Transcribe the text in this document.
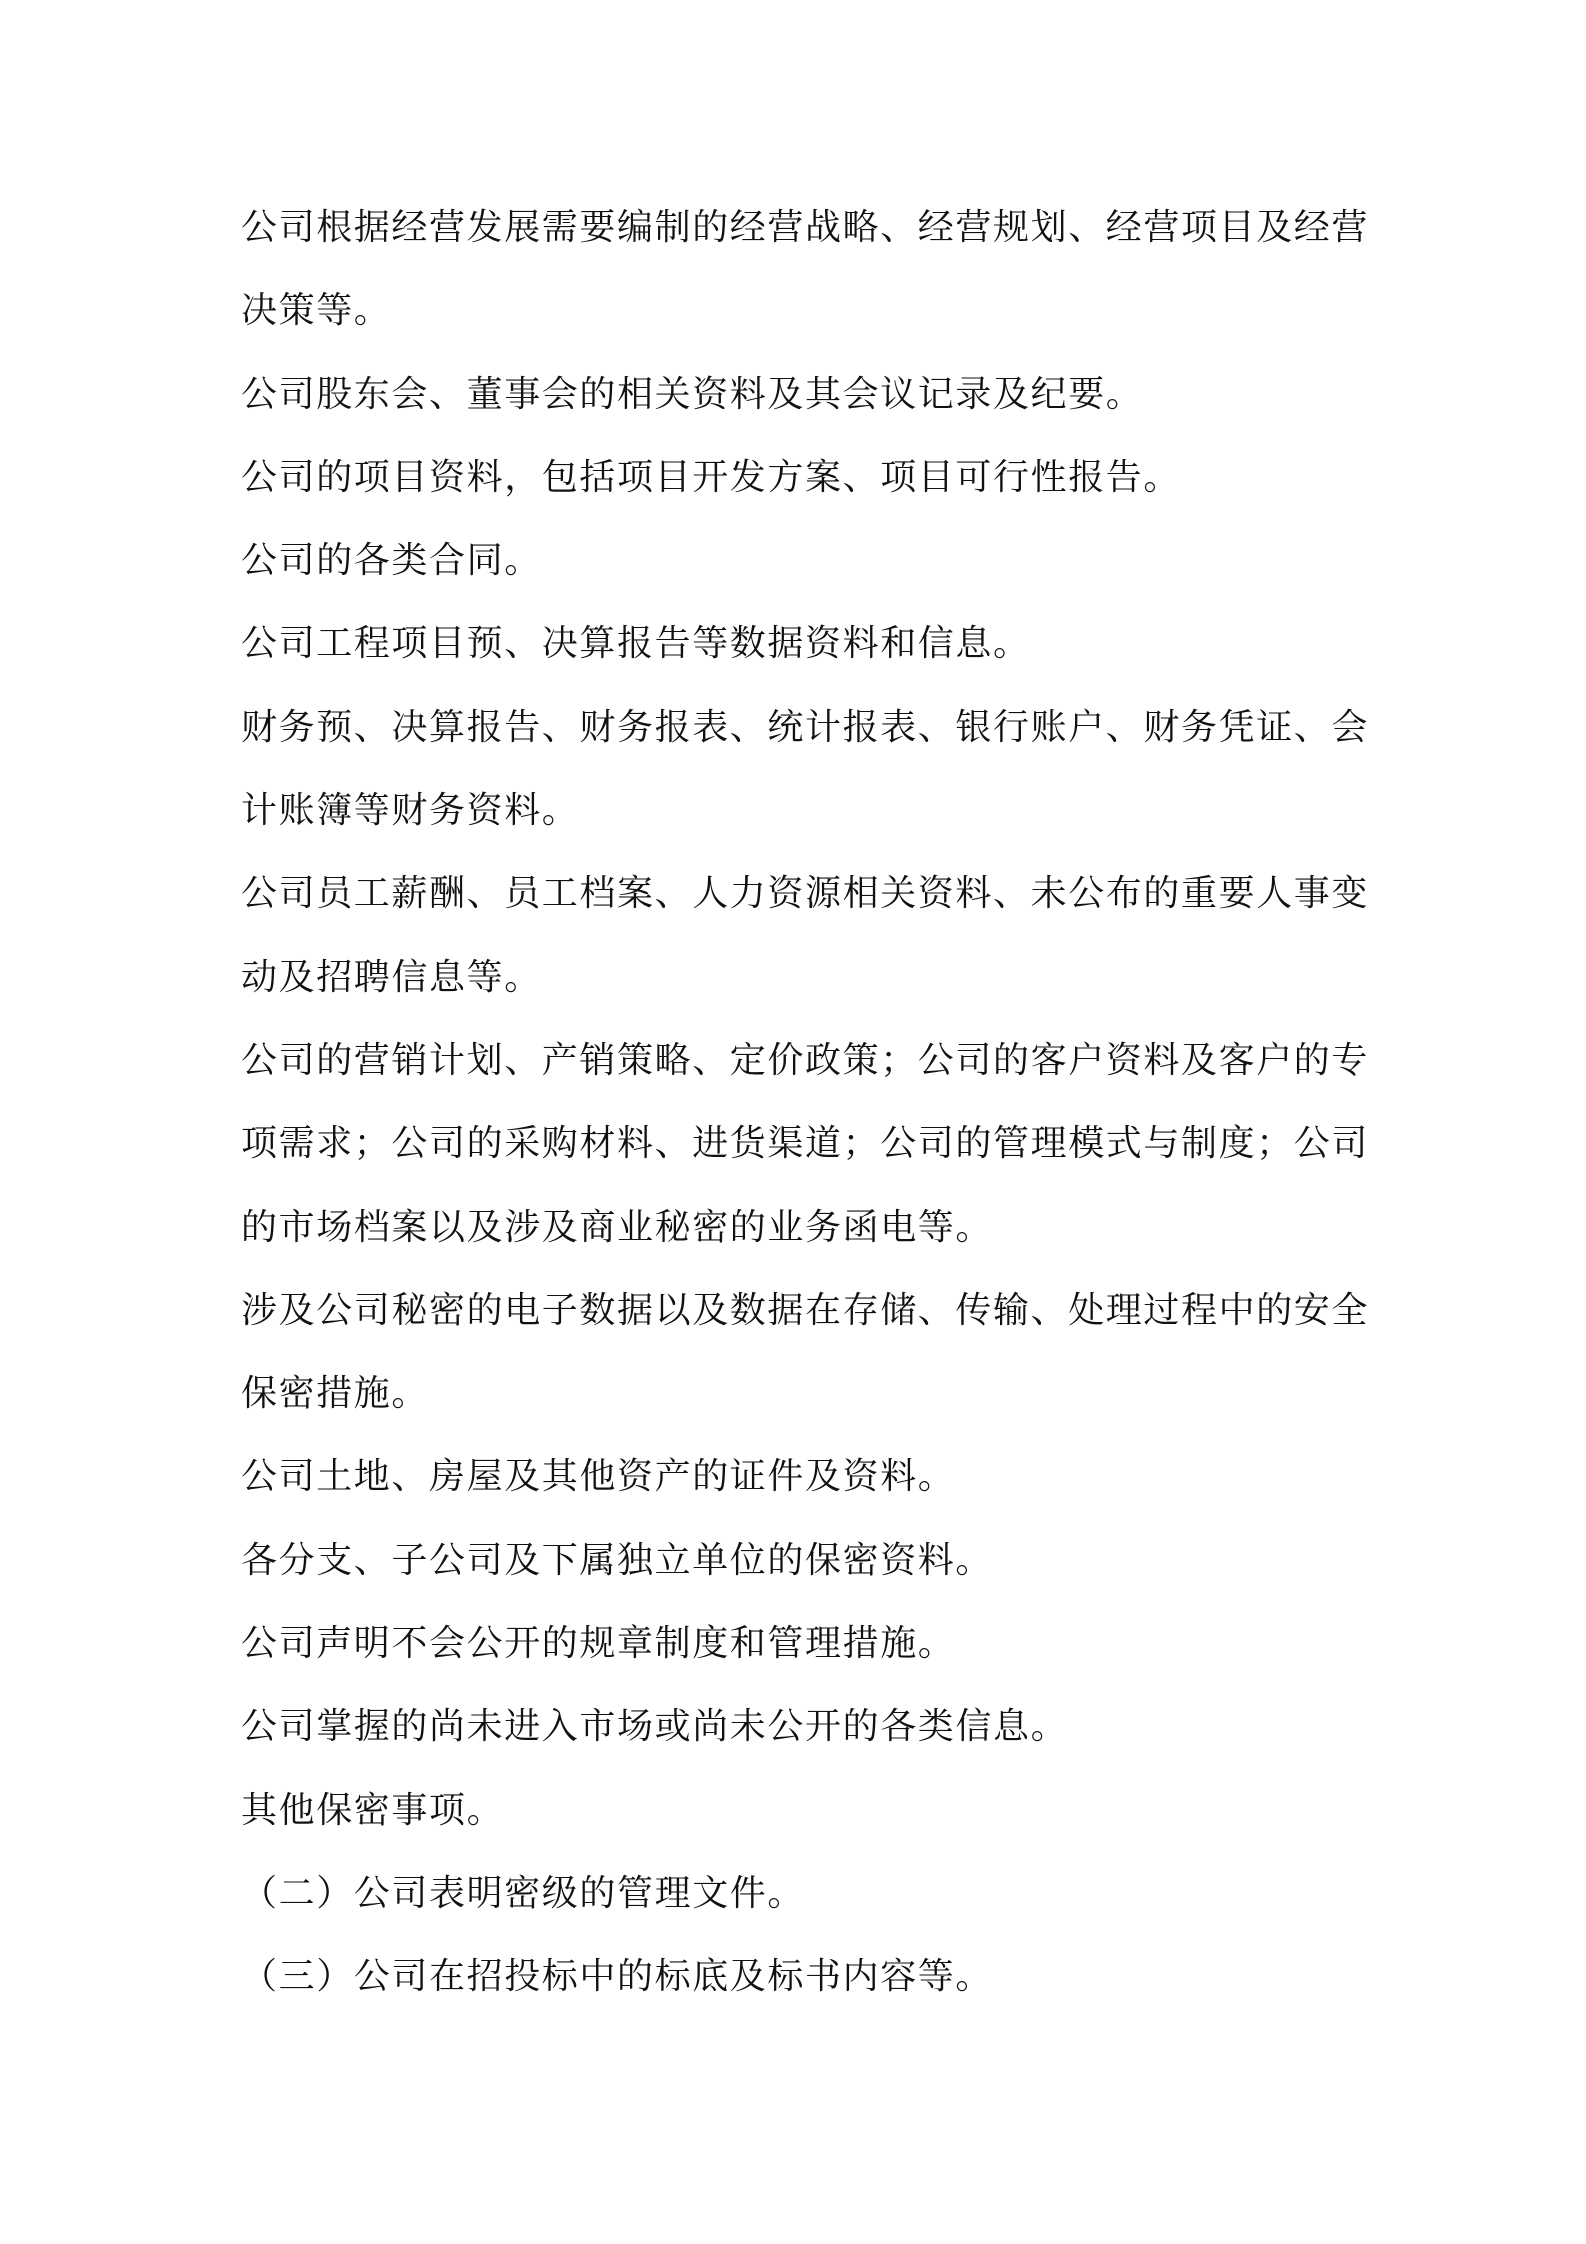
公司根据经营发展需要编制的经营战略、经营规划、经营项目及经营
决策等。
公司股东会、董事会的相关资料及其会议记录及纪要。
公司的项目资料，包括项目开发方案、项目可行性报告。
公司的各类合同。
公司工程项目预、决算报告等数据资料和信息。
财务预、决算报告、财务报表、统计报表、银行账户、财务凭证、会
计账簿等财务资料。
公司员工薪酬、员工档案、人力资源相关资料、未公布的重要人事变
动及招聘信息等。
公司的营销计划、产销策略、定价政策；公司的客户资料及客户的专
项需求；公司的采购材料、进货渠道；公司的管理模式与制度；公司
的市场档案以及涉及商业秘密的业务函电等。
涉及公司秘密的电子数据以及数据在存储、传输、处理过程中的安全
保密措施。
公司土地、房屋及其他资产的证件及资料。
各分支、子公司及下属独立单位的保密资料。
公司声明不会公开的规章制度和管理措施。
公司掌握的尚未进入市场或尚未公开的各类信息。
其他保密事项。
（二）公司表明密级的管理文件。
（三）公司在招投标中的标底及标书内容等。
